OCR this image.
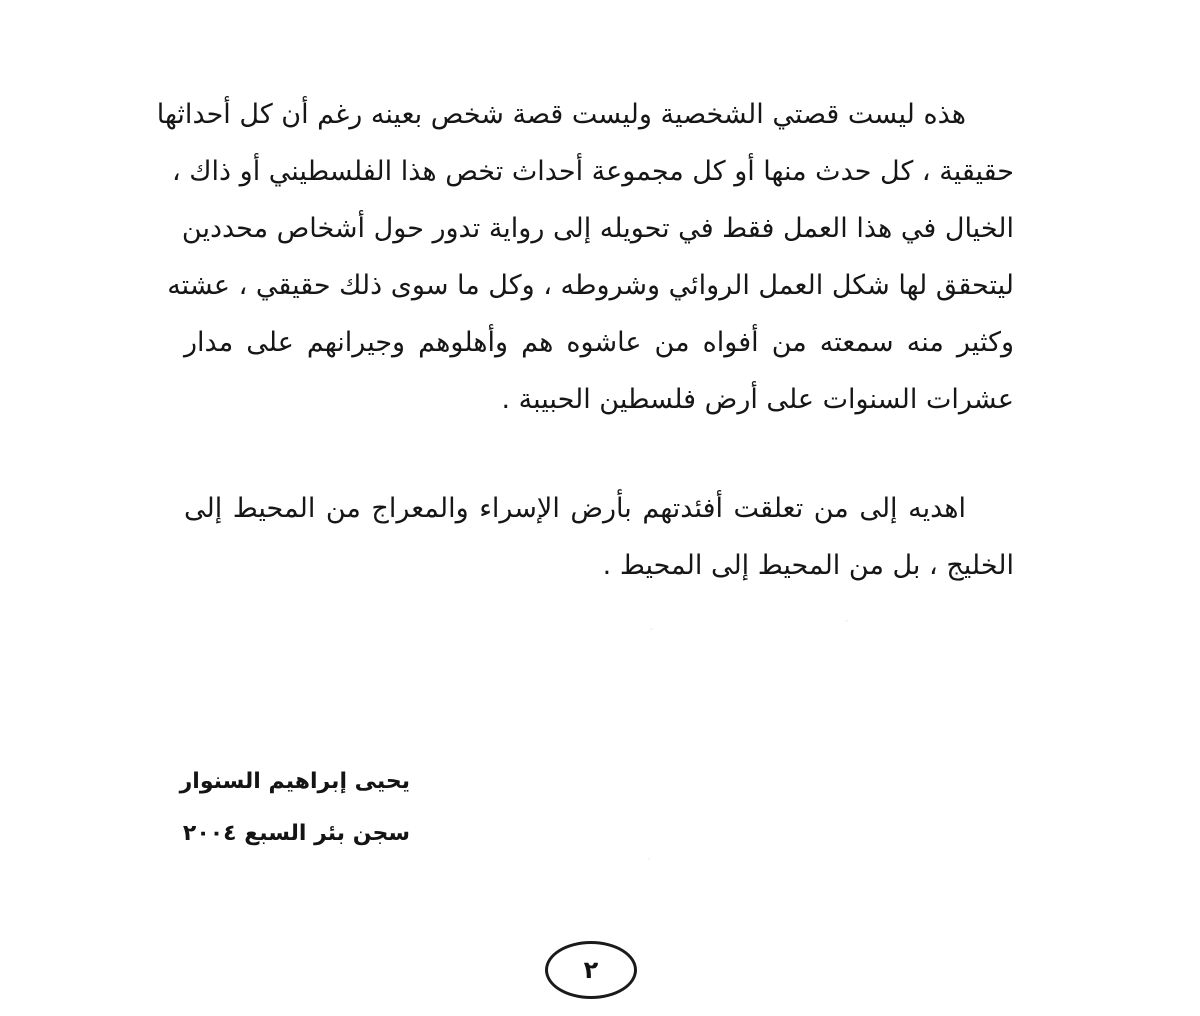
هذه ليست قصتي الشخصية وليست قصة شخص بعينه رغم أن كل أحداثها
حقيقية ، كل حدث منها أو كل مجموعة أحداث تخص هذا الفلسطيني أو ذاك ،
الخيال في هذا العمل فقط في تحويله إلى رواية تدور حول أشخاص محددين
ليتحقق لها شكل العمل الروائي وشروطه ، وكل ما سوى ذلك حقيقي ، عشته
وكثير منه سمعته من أفواه من عاشوه هم وأهلوهم وجيرانهم على مدار
عشرات السنوات على أرض فلسطين الحبيبة .

اهديه إلى من تعلقت أفئدتهم بأرض الإسراء والمعراج من المحيط إلى
الخليج ، بل من المحيط إلى المحيط .

يحيى إبراهيم السنوار
سجن بئر السبع ٢٠٠٤
٢
